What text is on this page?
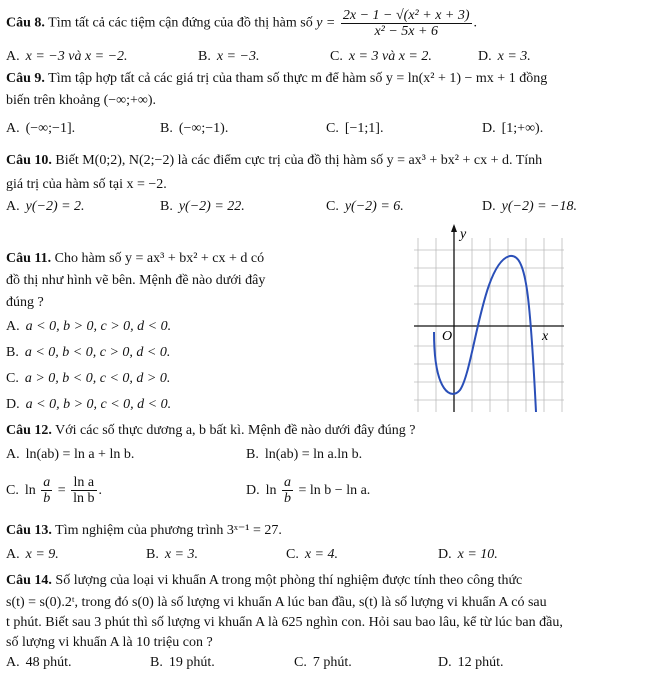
Câu 8. Tìm tất cả các tiệm cận đứng của đồ thị hàm số $y = \frac{\text{2x − 1 − √(x² + x + 3)}}{\text{x² − 5x + 6}}$ .
A. x = −3 và x = −2.	B. x = −3.	C. x = 3 và x = 2.	D. x = 3.
Câu 9. Tìm tập hợp tất cả các giá trị của tham số thực m để hàm số y = ln(x² + 1) − mx + 1 đồng
biến trên khoảng (−∞;+∞).
A. (−∞;−1].	B. (−∞;−1).	C. [−1;1].	D. [1;+∞).
Câu 10. Biết M(0;2), N(2;−2) là các điểm cực trị của đồ thị hàm số y = ax³ + bx² + cx + d. Tính
giá trị của hàm số tại x = −2.
A. y(−2) = 2.	B. y(−2) = 22.	C. y(−2) = 6.	D. y(−2) = −18.
Câu 11. Cho hàm số y = ax³ + bx² + cx + d có
đồ thị như hình vẽ bên. Mệnh đề nào dưới đây
đúng ?
A. a < 0, b > 0, c > 0, d < 0.
B. a < 0, b < 0, c > 0, d < 0.
C. a > 0, b < 0, c < 0, d > 0.
D. a < 0, b > 0, c < 0, d < 0.
y
x
O
Câu 12. Với các số thực dương a, b bất kì. Mệnh đề nào dưới đây đúng ?
A. ln(ab) = ln a + ln b.	B. ln(ab) = ln a.ln b.
C. $\ln \frac{a}{b} = \frac{\text{ln a}}{\text{ln b}}$ .	D. $\ln \frac{a}{b} = \ln b - \ln a$.
Câu 13. Tìm nghiệm của phương trình 3ˣ⁻¹ = 27.
A. x = 9.	B. x = 3.	C. x = 4.	D. x = 10.
Câu 14. Số lượng của loại vi khuẩn A trong một phòng thí nghiệm được tính theo công thức
s(t) = s(0).2ᵗ, trong đó s(0) là số lượng vi khuẩn A lúc ban đầu, s(t) là số lượng vi khuẩn A có sau
t phút. Biết sau 3 phút thì số lượng vi khuẩn A là 625 nghìn con. Hỏi sau bao lâu, kể từ lúc ban đầu,
số lượng vi khuẩn A là 10 triệu con ?
A. 48 phút.	B. 19 phút.	C. 7 phút.	D. 12 phút.
